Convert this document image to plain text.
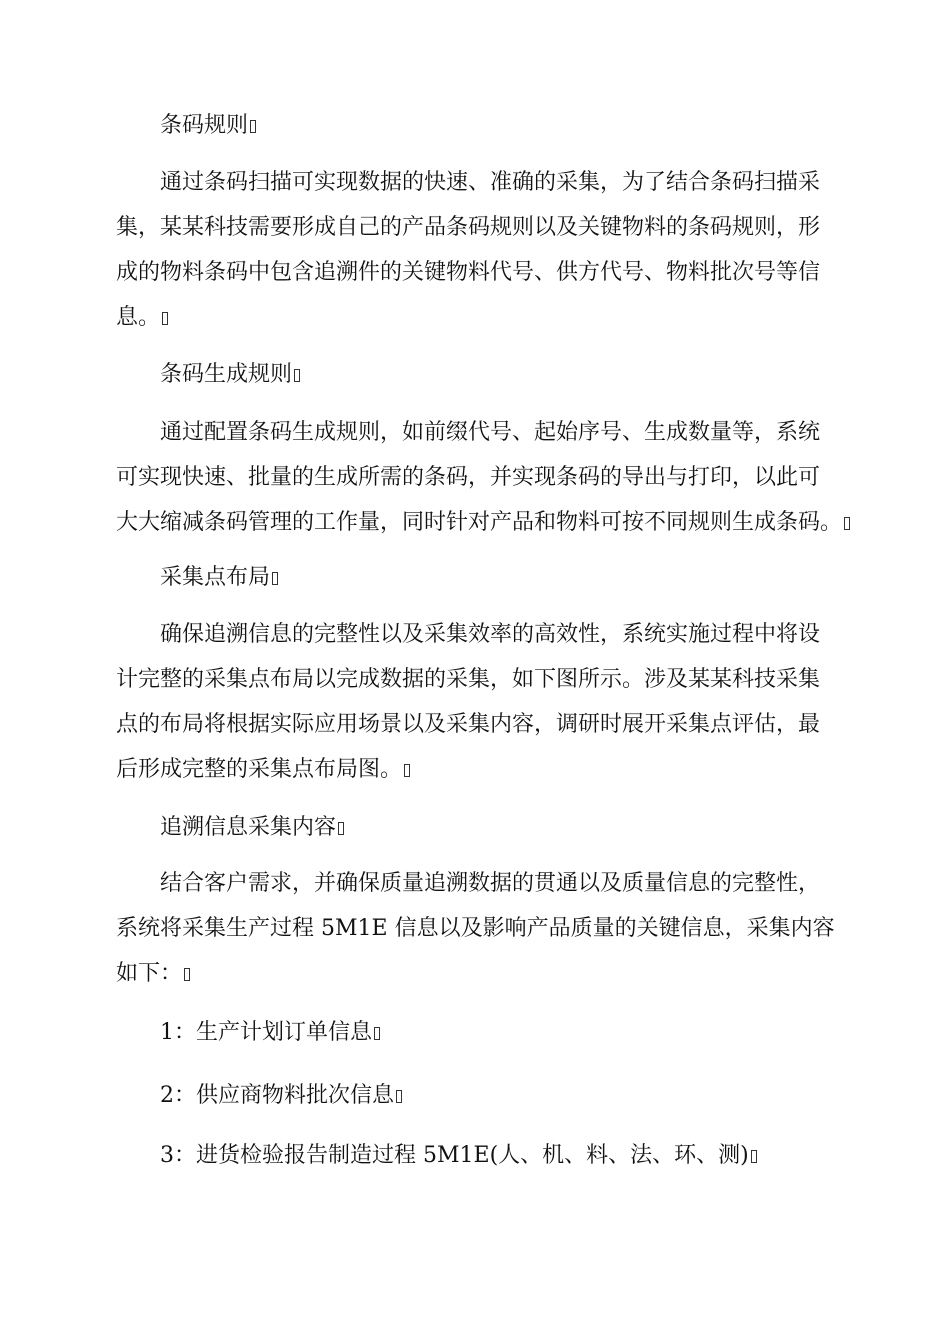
条码规则
通过条码扫描可实现数据的快速、准确的采集，为了结合条码扫描采
集，某某科技需要形成自己的产品条码规则以及关键物料的条码规则，形
成的物料条码中包含追溯件的关键物料代号、供方代号、物料批次号等信
息。
条码生成规则
通过配置条码生成规则，如前缀代号、起始序号、生成数量等，系统
可实现快速、批量的生成所需的条码，并实现条码的导出与打印，以此可
大大缩减条码管理的工作量，同时针对产品和物料可按不同规则生成条码。
采集点布局
确保追溯信息的完整性以及采集效率的高效性，系统实施过程中将设
计完整的采集点布局以完成数据的采集，如下图所示。涉及某某科技采集
点的布局将根据实际应用场景以及采集内容，调研时展开采集点评估，最
后形成完整的采集点布局图。
追溯信息采集内容
结合客户需求，并确保质量追溯数据的贯通以及质量信息的完整性，
系统将采集生产过程 5M1E 信息以及影响产品质量的关键信息，采集内容
如下：
1：生产计划订单信息
2：供应商物料批次信息
3：进货检验报告制造过程 5M1E(人、机、料、法、环、测)
